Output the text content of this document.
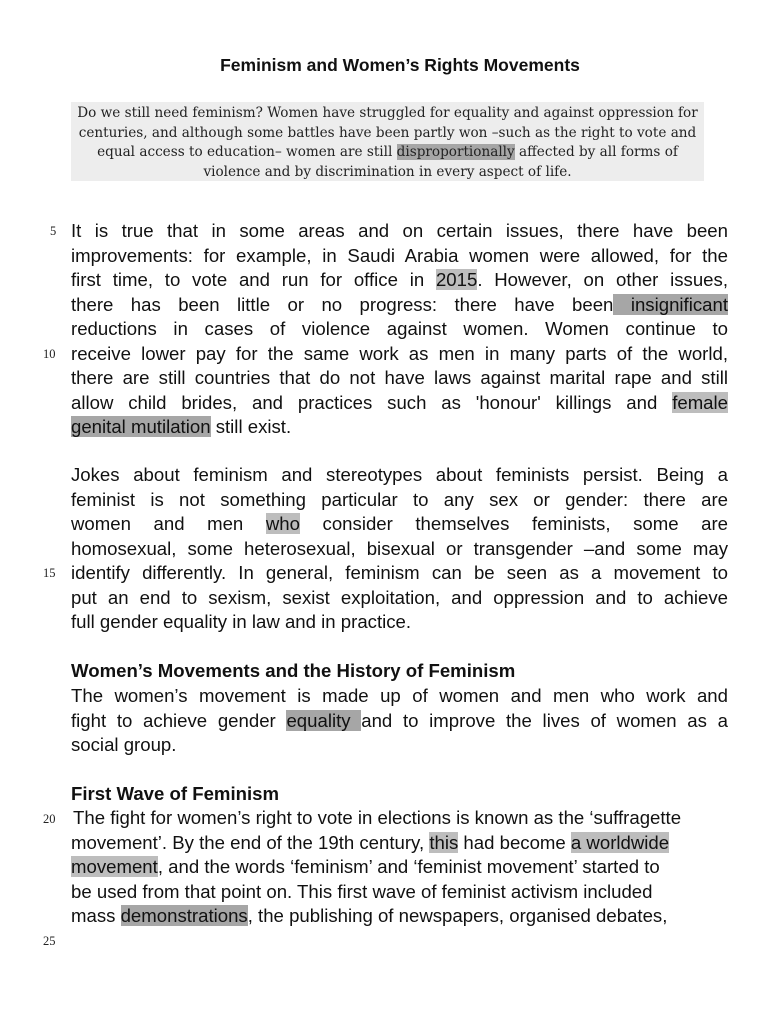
Feminism and Women’s Rights Movements
Do we still need feminism? Women have struggled for equality and against oppression for
centuries, and although some battles have been partly won –such as the right to vote and
equal access to education– women are still disproportionally affected by all forms of
violence and by discrimination in every aspect of life.
It is true that in some areas and on certain issues, there have been
improvements: for example, in Saudi Arabia women were allowed, for the
first time, to vote and run for office in 2015. However, on other issues,
there has been little or no progress: there have been insignificant
reductions in cases of violence against women. Women continue to
receive lower pay for the same work as men in many parts of the world,
there are still countries that do not have laws against marital rape and still
allow child brides, and practices such as 'honour' killings and female
genital mutilation still exist.
Jokes about feminism and stereotypes about feminists persist. Being a
feminist is not something particular to any sex or gender: there are
women and men who consider themselves feminists, some are
homosexual, some heterosexual, bisexual or transgender –and some may
identify differently. In general, feminism can be seen as a movement to
put an end to sexism, sexist exploitation, and oppression and to achieve
full gender equality in law and in practice.
Women’s Movements and the History of Feminism
The women’s movement is made up of women and men who work and
fight to achieve gender equality and to improve the lives of women as a
social group.
First Wave of Feminism
The fight for women’s right to vote in elections is known as the ‘suffragette
movement’. By the end of the 19th century, this had become a worldwide
movement, and the words ‘feminism’ and ‘feminist movement’ started to
be used from that point on. This first wave of feminist activism included
mass demonstrations, the publishing of newspapers, organised debates,
5
10
15
20
25
